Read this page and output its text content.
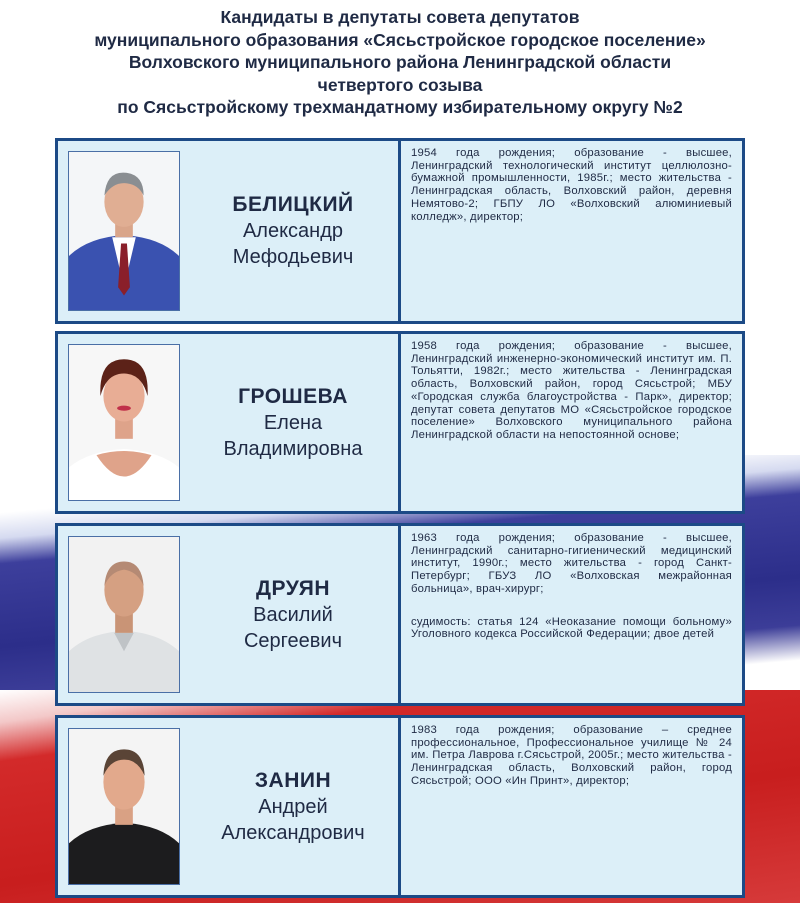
Кандидаты в депутаты совета депутатов
муниципального образования «Сясьстройское городское поселение»
Волховского муниципального района Ленинградской области
четвертого созыва
по Сясьстройскому трехмандатному избирательному округу №2
БЕЛИЦКИЙ
Александр
Мефодьевич

1954 года рождения; образование - высшее, Ленинградский технологический институт целлюлозно-бумажной промышленности, 1985г.; место жительства - Ленинградская область, Волховский район, деревня Немятово-2; ГБПУ ЛО «Волховский алюминиевый колледж», директор;

ГРОШЕВА
Елена
Владимировна

1958 года рождения; образование - высшее, Ленинградский инженерно-экономический институт им. П. Тольятти, 1982г.; место жительства - Ленинградская область, Волховский район, город Сясьстрой; МБУ «Городская служба благоустройства - Парк», директор; депутат совета депутатов МО «Сясьстройское городское поселение» Волховского муниципального района Ленинградской области на непостоянной основе;

ДРУЯН
Василий
Сергеевич

1963 года рождения; образование - высшее, Ленинградский санитарно-гигиенический медицинский институт, 1990г.; место жительства - город Санкт-Петербург; ГБУЗ ЛО «Волховская межрайонная больница», врач-хирург;

судимость: статья 124 «Неоказание помощи больному» Уголовного кодекса Российской Федерации; двое детей

ЗАНИН
Андрей
Александрович

1983 года рождения; образование – среднее профессиональное, Профессиональное училище № 24 им. Петра Лаврова г.Сясьстрой, 2005г.; место жительства - Ленинградская область, Волховский район, город Сясьстрой; ООО «Ин Принт», директор;
